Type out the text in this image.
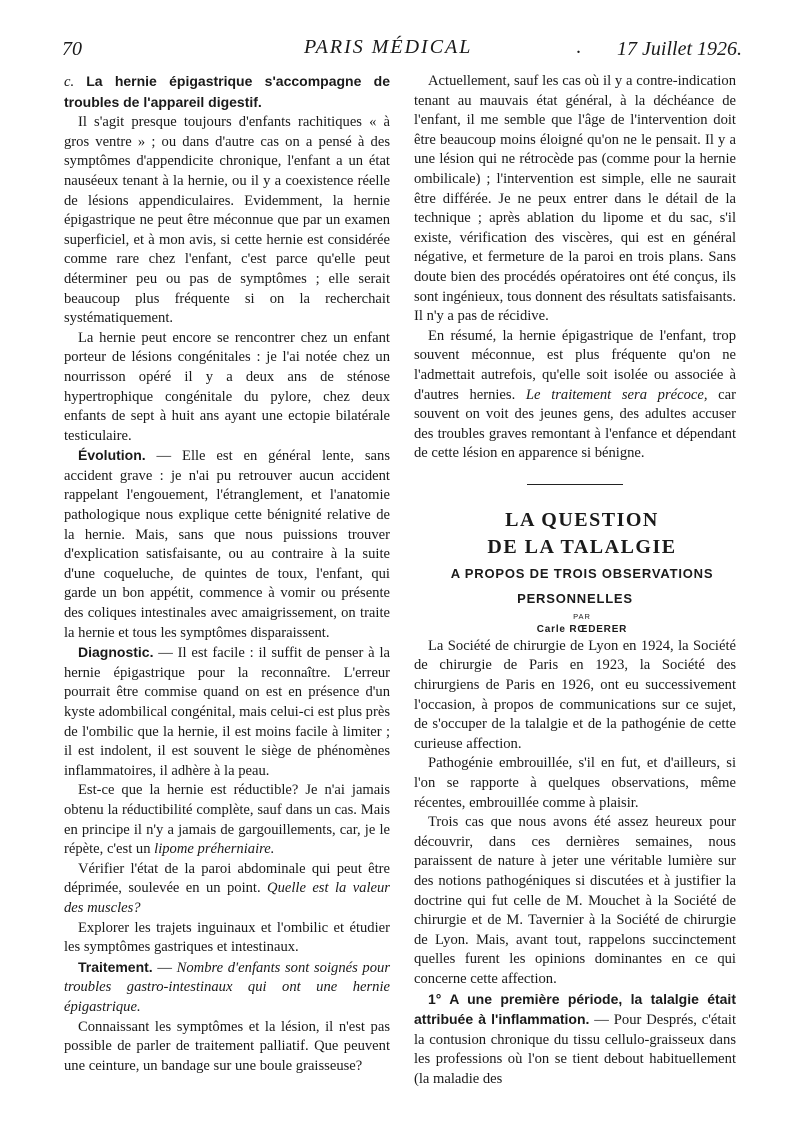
70	PARIS MÉDICAL	. 17 Juillet 1926.

c. La hernie épigastrique s'accompagne de troubles de l'appareil digestif.

Il s'agit presque toujours d'enfants rachitiques « à gros ventre » ; ou dans d'autre cas on a pensé à des symptômes d'appendicite chronique, l'enfant a un état nauséeux tenant à la hernie, ou il y a coexistence réelle de lésions appendiculaires. Evidemment, la hernie épigastrique ne peut être méconnue que par un examen superficiel, et à mon avis, si cette hernie est considérée comme rare chez l'enfant, c'est parce qu'elle peut déterminer peu ou pas de symptômes ; elle serait beaucoup plus fréquente si on la recherchait systématiquement.

La hernie peut encore se rencontrer chez un enfant porteur de lésions congénitales : je l'ai notée chez un nourrisson opéré il y a deux ans de sténose hypertrophique congénitale du pylore, chez deux enfants de sept à huit ans ayant une ectopie bilatérale testiculaire.

Évolution. — Elle est en général lente, sans accident grave : je n'ai pu retrouver aucun accident rappelant l'engouement, l'étranglement, et l'anatomie pathologique nous explique cette bénignité relative de la hernie. Mais, sans que nous puissions trouver d'explication satisfaisante, ou au contraire à la suite d'une coqueluche, de quintes de toux, l'enfant, qui garde un bon appétit, commence à vomir ou présente des coliques intestinales avec amaigrissement, on traite la hernie et tous les symptômes disparaissent.

Diagnostic. — Il est facile : il suffit de penser à la hernie épigastrique pour la reconnaître. L'erreur pourrait être commise quand on est en présence d'un kyste adombilical congénital, mais celui-ci est plus près de l'ombilic que la hernie, il est moins facile à limiter ; il est indolent, il est souvent le siège de phénomènes inflammatoires, il adhère à la peau.

Est-ce que la hernie est réductible? Je n'ai jamais obtenu la réductibilité complète, sauf dans un cas. Mais en principe il n'y a jamais de gargouillements, car, je le répète, c'est un lipome préherniaire.

Vérifier l'état de la paroi abdominale qui peut être déprimée, soulevée en un point. Quelle est la valeur des muscles?

Explorer les trajets inguinaux et l'ombilic et étudier les symptômes gastriques et intestinaux.

Traitement. — Nombre d'enfants sont soignés pour troubles gastro-intestinaux qui ont une hernie épigastrique.

Connaissant les symptômes et la lésion, il n'est pas possible de parler de traitement palliatif. Que peuvent une ceinture, un bandage sur une boule graisseuse?

Actuellement, sauf les cas où il y a contre-indication tenant au mauvais état général, à la déchéance de l'enfant, il me semble que l'âge de l'intervention doit être beaucoup moins éloigné qu'on ne le pensait. Il y a une lésion qui ne rétrocède pas (comme pour la hernie ombilicale) ; l'intervention est simple, elle ne saurait être différée. Je ne peux entrer dans le détail de la technique ; après ablation du lipome et du sac, s'il existe, vérification des viscères, qui est en général négative, et fermeture de la paroi en trois plans. Sans doute bien des procédés opératoires ont été conçus, ils sont ingénieux, tous donnent des résultats satisfaisants. Il n'y a pas de récidive.

En résumé, la hernie épigastrique de l'enfant, trop souvent méconnue, est plus fréquente qu'on ne l'admettait autrefois, qu'elle soit isolée ou associée à d'autres hernies. Le traitement sera précoce, car souvent on voit des jeunes gens, des adultes accuser des troubles graves remontant à l'enfance et dépendant de cette lésion en apparence si bénigne.

LA QUESTION

DE LA TALALGIE

A PROPOS DE TROIS OBSERVATIONS PERSONNELLES

PAR

Carle RŒDERER

La Société de chirurgie de Lyon en 1924, la Société de chirurgie de Paris en 1923, la Société des chirurgiens de Paris en 1926, ont eu successivement l'occasion, à propos de communications sur ce sujet, de s'occuper de la talalgie et de la pathogénie de cette curieuse affection.

Pathogénie embrouillée, s'il en fut, et d'ailleurs, si l'on se rapporte à quelques observations, même récentes, embrouillée comme à plaisir.

Trois cas que nous avons été assez heureux pour découvrir, dans ces dernières semaines, nous paraissent de nature à jeter une véritable lumière sur des notions pathogéniques si discutées et à justifier la doctrine qui fut celle de M. Mouchet à la Société de chirurgie et de M. Tavernier à la Société de chirurgie de Lyon. Mais, avant tout, rappelons succinctement quelles furent les opinions dominantes en ce qui concerne cette affection.

1° A une première période, la talalgie était attribuée à l'inflammation. — Pour Després, c'était la contusion chronique du tissu cellulo-graisseux dans les professions où l'on se tient debout habituellement (la maladie des
